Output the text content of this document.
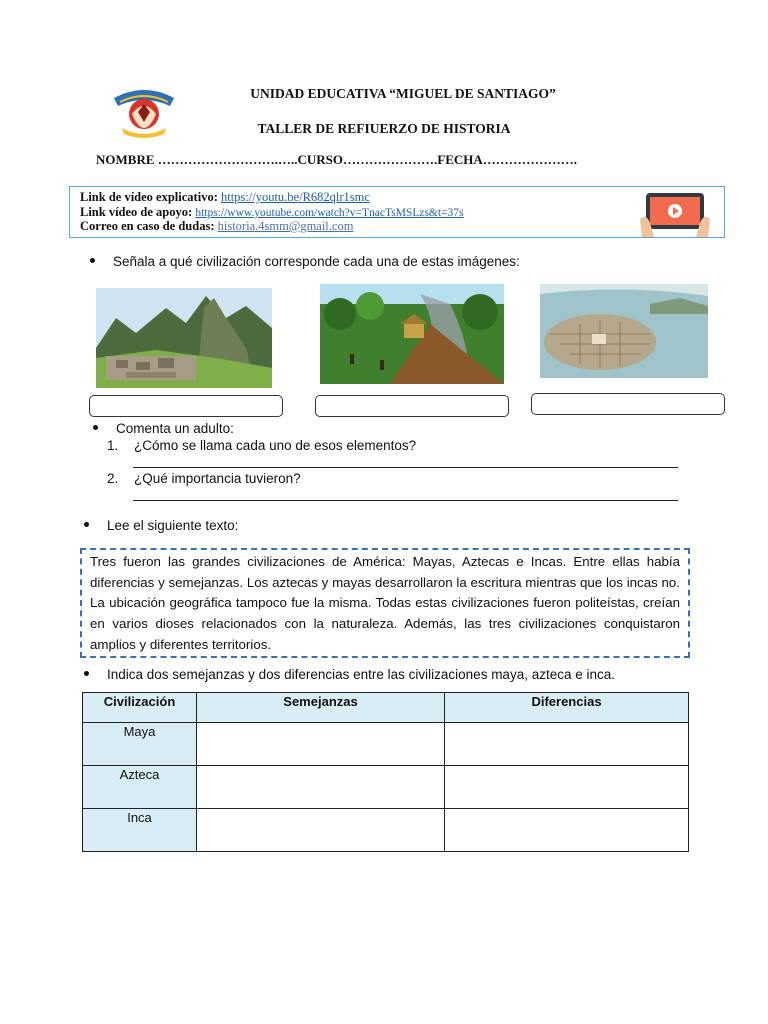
UNIDAD EDUCATIVA “MIGUEL DE SANTIAGO”
TALLER DE REFIUERZO DE HISTORIA
NOMBRE ……………………….…..CURSO………………….FECHA………………….
Link de vídeo explicativo: https://youtu.be/R682qlr1smc
Link vídeo de apoyo: https://www.youtube.com/watch?v=TnacTsMSLzs&t=37s
Correo en caso de dudas: historia.4smm@gmail.com
Señala a qué civilización corresponde cada una de estas imágenes:
Comenta un adulto:
1. ¿Cómo se llama cada uno de esos elementos?
2. ¿Qué importancia tuvieron?
Lee el siguiente texto:

Tres fueron las grandes civilizaciones de América: Mayas, Aztecas e Incas. Entre ellas había diferencias y semejanzas. Los aztecas y mayas desarrollaron la escritura mientras que los incas no. La ubicación geográfica tampoco fue la misma. Todas estas civilizaciones fueron politeístas, creían en varios dioses relacionados con la naturaleza. Además, las tres civilizaciones conquistaron amplios y diferentes territorios.

Indica dos semejanzas y dos diferencias entre las civilizaciones maya, azteca e inca.
Civilización	Semejanzas	Diferencias
Maya		
Azteca		
Inca		
